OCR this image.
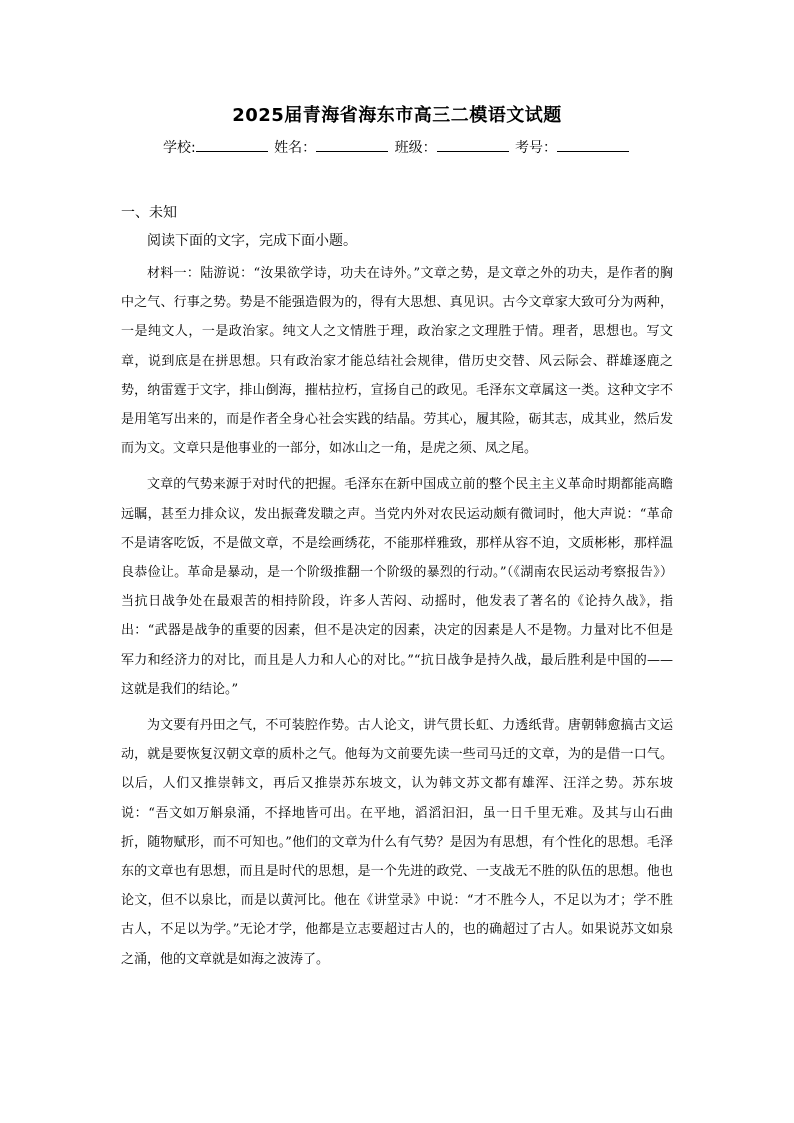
2025届青海省海东市高三二模语文试题
学校:	姓名：	班级：	考号：
一、未知
阅读下面的文字，完成下面小题。

材料一：陆游说：“汝果欲学诗，功夫在诗外。”文章之势，是文章之外的功夫，是作者的胸中之气、行事之势。势是不能强造假为的，得有大思想、真见识。古今文章家大致可分为两种，一是纯文人，一是政治家。纯文人之文情胜于理，政治家之文理胜于情。理者，思想也。写文章，说到底是在拼思想。只有政治家才能总结社会规律，借历史交替、风云际会、群雄逐鹿之势，纳雷霆于文字，排山倒海，摧枯拉朽，宣扬自己的政见。毛泽东文章属这一类。这种文字不是用笔写出来的，而是作者全身心社会实践的结晶。劳其心，履其险，砺其志，成其业，然后发而为文。文章只是他事业的一部分，如冰山之一角，是虎之须、凤之尾。

文章的气势来源于对时代的把握。毛泽东在新中国成立前的整个民主主义革命时期都能高瞻远瞩，甚至力排众议，发出振聋发聩之声。当党内外对农民运动颇有微词时，他大声说：“革命不是请客吃饭，不是做文章，不是绘画绣花，不能那样雅致，那样从容不迫，文质彬彬，那样温良恭俭让。革命是暴动，是一个阶级推翻一个阶级的暴烈的行动。”（《湖南农民运动考察报告》） 当抗日战争处在最艰苦的相持阶段，许多人苦闷、动摇时，他发表了著名的《论持久战》，指出：“武器是战争的重要的因素，但不是决定的因素，决定的因素是人不是物。力量对比不但是军力和经济力的对比，而且是人力和人心的对比。”“抗日战争是持久战，最后胜利是中国的——这就是我们的结论。”

为文要有丹田之气，不可装腔作势。古人论文，讲气贯长虹、力透纸背。唐朝韩愈搞古文运动，就是要恢复汉朝文章的质朴之气。他每为文前要先读一些司马迁的文章，为的是借一口气。以后，人们又推崇韩文，再后又推崇苏东坡文，认为韩文苏文都有雄浑、汪洋之势。苏东坡说：“吾文如万斛泉涌，不择地皆可出。在平地，滔滔汩汩，虽一日千里无难。及其与山石曲折，随物赋形，而不可知也。”他们的文章为什么有气势？是因为有思想，有个性化的思想。毛泽东的文章也有思想，而且是时代的思想，是一个先进的政党、一支战无不胜的队伍的思想。他也论文，但不以泉比，而是以黄河比。他在《讲堂录》中说：“才不胜今人，不足以为才；学不胜古人，不足以为学。”无论才学，他都是立志要超过古人的，也的确超过了古人。如果说苏文如泉之涌，他的文章就是如海之波涛了。
